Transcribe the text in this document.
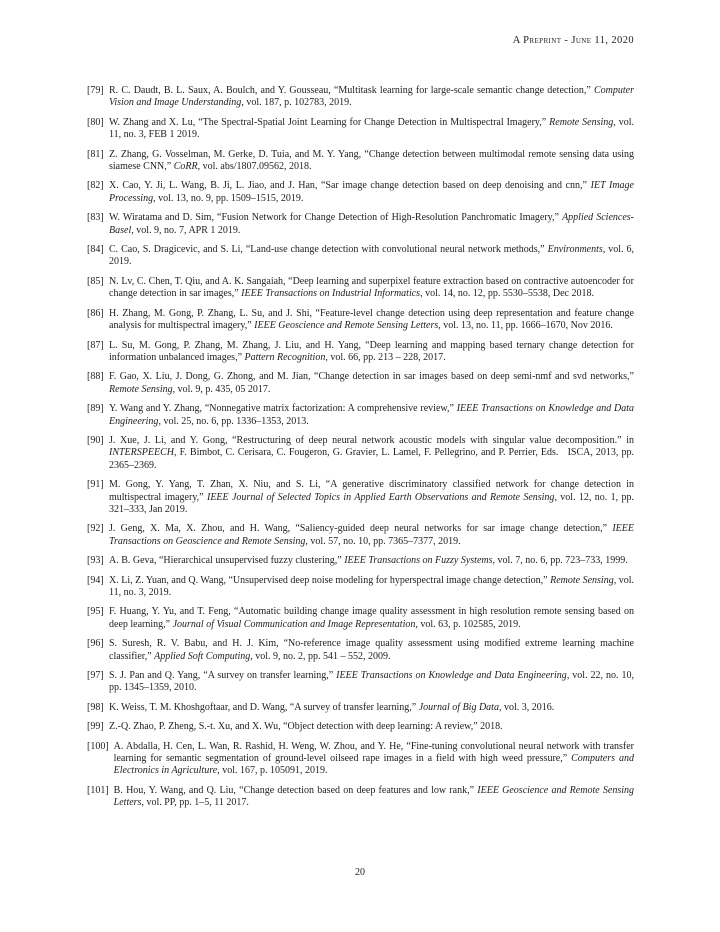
A Preprint - June 11, 2020
[79] R. C. Daudt, B. L. Saux, A. Boulch, and Y. Gousseau, “Multitask learning for large-scale semantic change detection,” Computer Vision and Image Understanding, vol. 187, p. 102783, 2019.
[80] W. Zhang and X. Lu, “The Spectral-Spatial Joint Learning for Change Detection in Multispectral Imagery,” Remote Sensing, vol. 11, no. 3, FEB 1 2019.
[81] Z. Zhang, G. Vosselman, M. Gerke, D. Tuia, and M. Y. Yang, “Change detection between multimodal remote sensing data using siamese CNN,” CoRR, vol. abs/1807.09562, 2018.
[82] X. Cao, Y. Ji, L. Wang, B. Ji, L. Jiao, and J. Han, “Sar image change detection based on deep denoising and cnn,” IET Image Processing, vol. 13, no. 9, pp. 1509–1515, 2019.
[83] W. Wiratama and D. Sim, “Fusion Network for Change Detection of High-Resolution Panchromatic Imagery,” Applied Sciences-Basel, vol. 9, no. 7, APR 1 2019.
[84] C. Cao, S. Dragicevic, and S. Li, “Land-use change detection with convolutional neural network methods,” Environments, vol. 6, 2019.
[85] N. Lv, C. Chen, T. Qiu, and A. K. Sangaiah, “Deep learning and superpixel feature extraction based on contractive autoencoder for change detection in sar images,” IEEE Transactions on Industrial Informatics, vol. 14, no. 12, pp. 5530–5538, Dec 2018.
[86] H. Zhang, M. Gong, P. Zhang, L. Su, and J. Shi, “Feature-level change detection using deep representation and feature change analysis for multispectral imagery,” IEEE Geoscience and Remote Sensing Letters, vol. 13, no. 11, pp. 1666–1670, Nov 2016.
[87] L. Su, M. Gong, P. Zhang, M. Zhang, J. Liu, and H. Yang, “Deep learning and mapping based ternary change detection for information unbalanced images,” Pattern Recognition, vol. 66, pp. 213 – 228, 2017.
[88] F. Gao, X. Liu, J. Dong, G. Zhong, and M. Jian, “Change detection in sar images based on deep semi-nmf and svd networks,” Remote Sensing, vol. 9, p. 435, 05 2017.
[89] Y. Wang and Y. Zhang, “Nonnegative matrix factorization: A comprehensive review,” IEEE Transactions on Knowledge and Data Engineering, vol. 25, no. 6, pp. 1336–1353, 2013.
[90] J. Xue, J. Li, and Y. Gong, “Restructuring of deep neural network acoustic models with singular value decomposition.” in INTERSPEECH, F. Bimbot, C. Cerisara, C. Fougeron, G. Gravier, L. Lamel, F. Pellegrino, and P. Perrier, Eds.   ISCA, 2013, pp. 2365–2369.
[91] M. Gong, Y. Yang, T. Zhan, X. Niu, and S. Li, “A generative discriminatory classified network for change detection in multispectral imagery,” IEEE Journal of Selected Topics in Applied Earth Observations and Remote Sensing, vol. 12, no. 1, pp. 321–333, Jan 2019.
[92] J. Geng, X. Ma, X. Zhou, and H. Wang, “Saliency-guided deep neural networks for sar image change detection,” IEEE Transactions on Geoscience and Remote Sensing, vol. 57, no. 10, pp. 7365–7377, 2019.
[93] A. B. Geva, “Hierarchical unsupervised fuzzy clustering,” IEEE Transactions on Fuzzy Systems, vol. 7, no. 6, pp. 723–733, 1999.
[94] X. Li, Z. Yuan, and Q. Wang, “Unsupervised deep noise modeling for hyperspectral image change detection,” Remote Sensing, vol. 11, no. 3, 2019.
[95] F. Huang, Y. Yu, and T. Feng, “Automatic building change image quality assessment in high resolution remote sensing based on deep learning,” Journal of Visual Communication and Image Representation, vol. 63, p. 102585, 2019.
[96] S. Suresh, R. V. Babu, and H. J. Kim, “No-reference image quality assessment using modified extreme learning machine classifier,” Applied Soft Computing, vol. 9, no. 2, pp. 541 – 552, 2009.
[97] S. J. Pan and Q. Yang, “A survey on transfer learning,” IEEE Transactions on Knowledge and Data Engineering, vol. 22, no. 10, pp. 1345–1359, 2010.
[98] K. Weiss, T. M. Khoshgoftaar, and D. Wang, “A survey of transfer learning,” Journal of Big Data, vol. 3, 2016.
[99] Z.-Q. Zhao, P. Zheng, S.-t. Xu, and X. Wu, “Object detection with deep learning: A review,” 2018.
[100] A. Abdalla, H. Cen, L. Wan, R. Rashid, H. Weng, W. Zhou, and Y. He, “Fine-tuning convolutional neural network with transfer learning for semantic segmentation of ground-level oilseed rape images in a field with high weed pressure,” Computers and Electronics in Agriculture, vol. 167, p. 105091, 2019.
[101] B. Hou, Y. Wang, and Q. Liu, “Change detection based on deep features and low rank,” IEEE Geoscience and Remote Sensing Letters, vol. PP, pp. 1–5, 11 2017.
20
